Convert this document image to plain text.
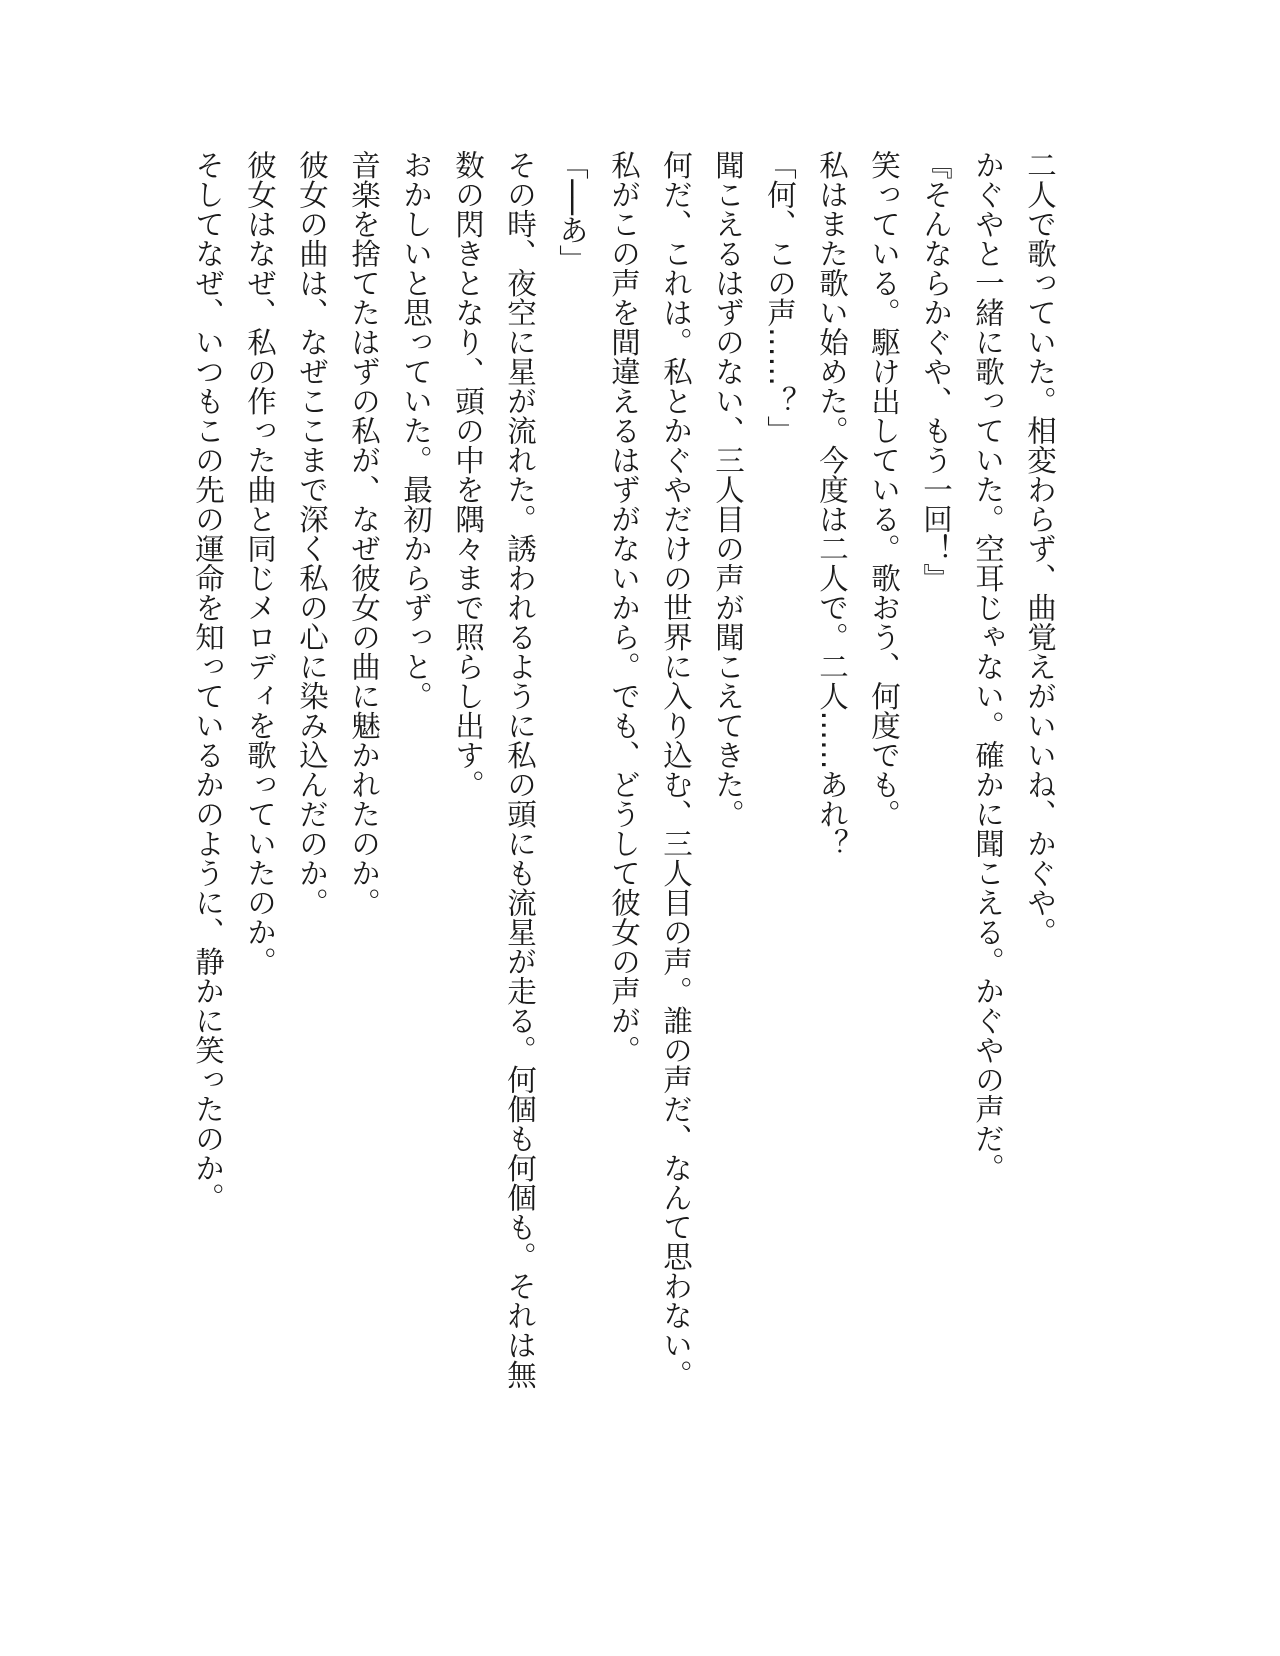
二人で歌っていた。相変わらず、曲覚えがいいね、かぐや。

かぐやと一緒に歌っていた。空耳じゃない。確かに聞こえる。かぐやの声だ。

『そんならかぐや、もう一回！』

笑っている。駆け出している。歌おう、何度でも。

私はまた歌い始めた。今度は二人で。二人……あれ？

「何、この声……？」

聞こえるはずのない、三人目の声が聞こえてきた。

何だ、これは。私とかぐやだけの世界に入り込む、三人目の声。誰の声だ、なんて思わない。

私がこの声を間違えるはずがないから。でも、どうして彼女の声が。

「──あ」

その時、夜空に星が流れた。誘われるように私の頭にも流星が走る。何個も何個も。それは無

数の閃きとなり、頭の中を隅々まで照らし出す。

おかしいと思っていた。最初からずっと。

音楽を捨てたはずの私が、なぜ彼女の曲に魅かれたのか。

彼女の曲は、なぜここまで深く私の心に染み込んだのか。

彼女はなぜ、私の作った曲と同じメロディを歌っていたのか。

そしてなぜ、いつもこの先の運命を知っているかのように、静かに笑ったのか。
